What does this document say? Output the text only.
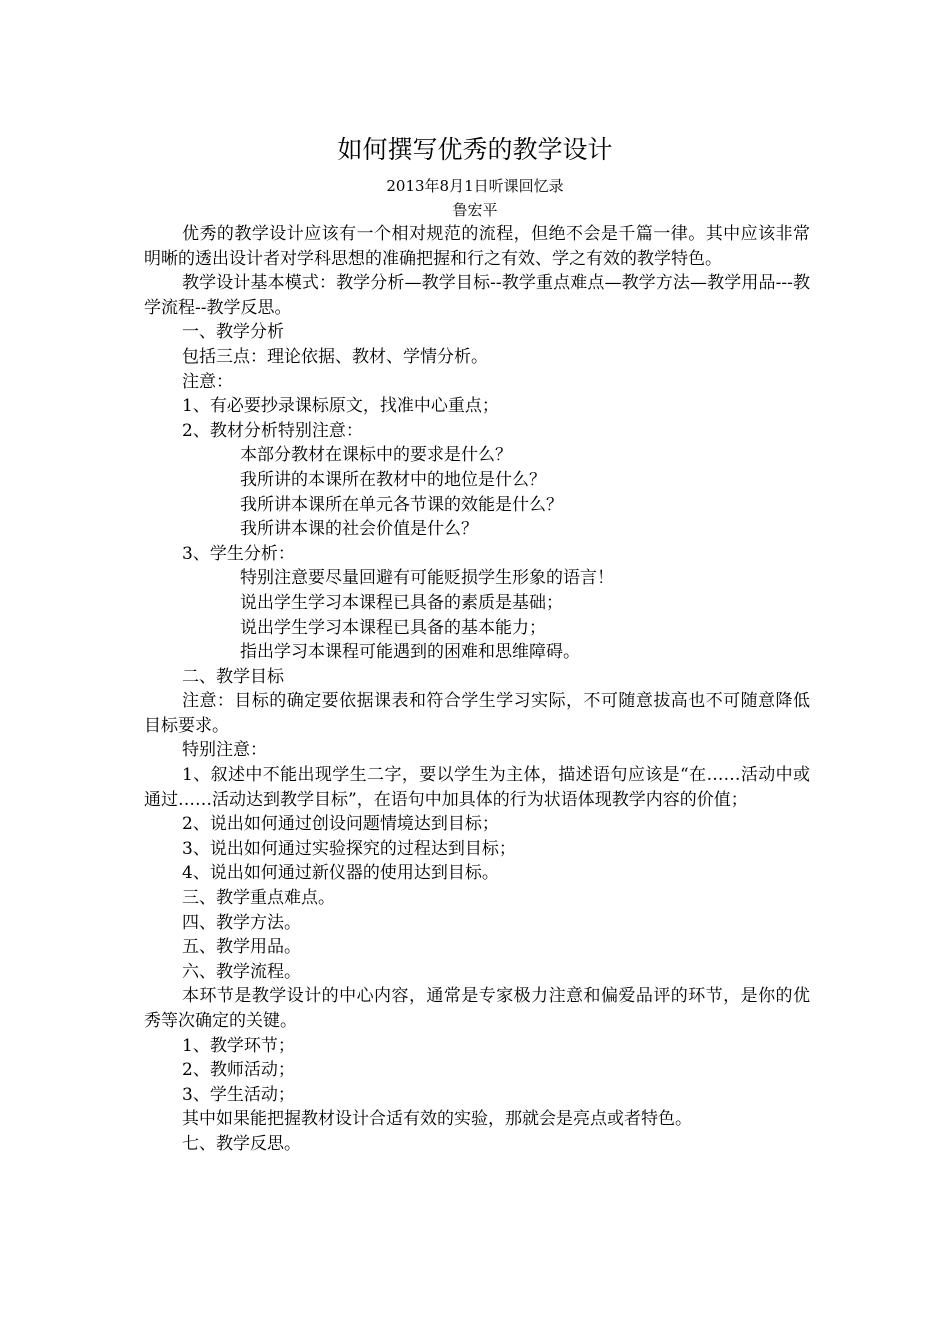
如何撰写优秀的教学设计
2013年8月1日听课回忆录
鲁宏平

优秀的教学设计应该有一个相对规范的流程，但绝不会是千篇一律。其中应该非常明晰的透出设计者对学科思想的准确把握和行之有效、学之有效的教学特色。

教学设计基本模式：教学分析—教学目标--教学重点难点—教学方法—教学用品---教学流程--教学反思。

一、教学分析

包括三点：理论依据、教材、学情分析。

注意：

1、有必要抄录课标原文，找准中心重点；

2、教材分析特别注意：

本部分教材在课标中的要求是什么？

我所讲的本课所在教材中的地位是什么？

我所讲本课所在单元各节课的效能是什么？

我所讲本课的社会价值是什么？

3、学生分析：

特别注意要尽量回避有可能贬损学生形象的语言！

说出学生学习本课程已具备的素质是基础；

说出学生学习本课程已具备的基本能力；

指出学习本课程可能遇到的困难和思维障碍。

二、教学目标

注意：目标的确定要依据课表和符合学生学习实际，不可随意拔高也不可随意降低目标要求。

特别注意：

1、叙述中不能出现学生二字，要以学生为主体，描述语句应该是“在……活动中或通过……活动达到教学目标”，在语句中加具体的行为状语体现教学内容的价值；

2、说出如何通过创设问题情境达到目标；

3、说出如何通过实验探究的过程达到目标；

4、说出如何通过新仪器的使用达到目标。

三、教学重点难点。

四、教学方法。

五、教学用品。

六、教学流程。

本环节是教学设计的中心内容，通常是专家极力注意和偏爱品评的环节，是你的优秀等次确定的关键。

1、教学环节；

2、教师活动；

3、学生活动；

其中如果能把握教材设计合适有效的实验，那就会是亮点或者特色。

七、教学反思。
